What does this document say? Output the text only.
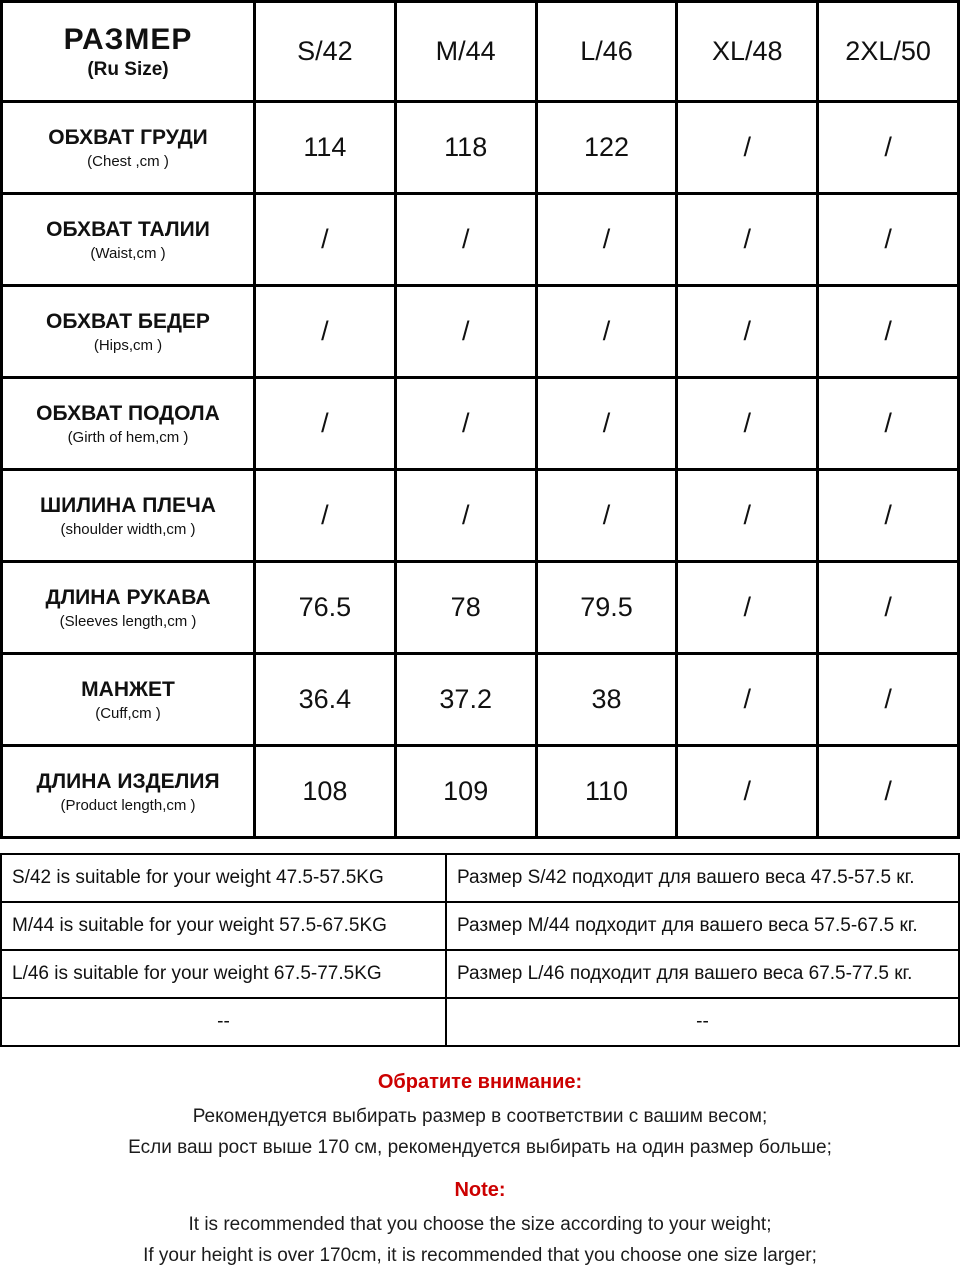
РАЗМЕР
(Ru Size)	S/42	M/44	L/46	XL/48	2XL/50

ОБХВАТ ГРУДИ
(Chest ,cm )	114	118	122	/	/

ОБХВАТ ТАЛИИ
(Waist,cm )	/	/	/	/	/

ОБХВАТ БЕДЕР
(Hips,cm )	/	/	/	/	/

ОБХВАТ ПОДОЛА
(Girth of hem,cm )	/	/	/	/	/

ШИЛИНА ПЛЕЧА
(shoulder width,cm )	/	/	/	/	/

ДЛИНА РУКАВА
(Sleeves length,cm )	76.5	78	79.5	/	/

МАНЖЕТ
(Cuff,cm )	36.4	37.2	38	/	/

ДЛИНА ИЗДЕЛИЯ
(Product length,cm )	108	109	110	/	/
S/42 is suitable for your weight 47.5-57.5KG	Размер S/42 подходит для вашего веса 47.5-57.5 кг.
M/44 is suitable for your weight 57.5-67.5KG	Размер M/44 подходит для вашего веса 57.5-67.5 кг.
L/46 is suitable for your weight 67.5-77.5KG	Размер L/46 подходит для вашего веса 67.5-77.5 кг.
--	--
Обратите внимание:
Рекомендуется выбирать размер в соответствии с вашим весом;
Если ваш рост выше 170 см, рекомендуется выбирать на один размер больше;
Note:
It is recommended that you choose the size according to your weight;
If your height is over 170cm, it is recommended that you choose one size larger;
